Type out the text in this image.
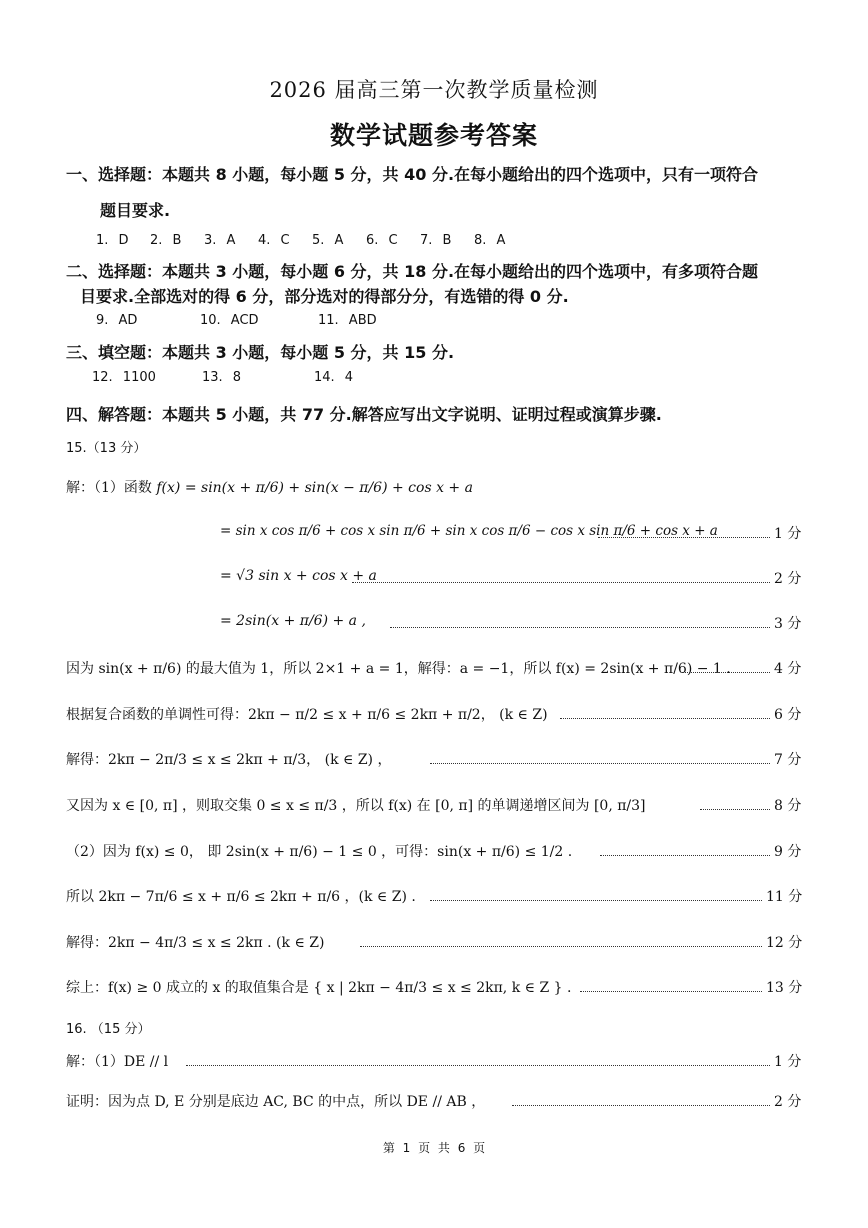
2026 届高三第一次教学质量检测
数学试题参考答案
一、选择题：本题共 8 小题，每小题 5 分，共 40 分.在每小题给出的四个选项中，只有一项符合
题目要求.
1. D 2. B 3. A 4. C 5. A 6. C 7. B 8. A
二、选择题：本题共 3 小题，每小题 6 分，共 18 分.在每小题给出的四个选项中，有多项符合题
目要求.全部选对的得 6 分，部分选对的得部分分，有选错的得 0 分.
9. AD	10. ACD	11. ABD
三、填空题：本题共 3 小题，每小题 5 分，共 15 分.
12. 1100	13. 8	14. 4
四、解答题：本题共 5 小题，共 77 分.解答应写出文字说明、证明过程或演算步骤.
15.（13 分）
解：（1）函数 f(x) = sin(x + π/6) + sin(x − π/6) + cos x + a
= sin x cos π/6 + cos x sin π/6 + sin x cos π/6 − cos x sin π/6 + cos x + a	1 分
= √3 sin x + cos x + a	2 分
= 2sin(x + π/6) + a ,	3 分
因为 sin(x + π/6) 的最大值为 1，所以 2×1 + a = 1，解得：a = −1，所以 f(x) = 2sin(x + π/6) − 1 .	4 分
根据复合函数的单调性可得：2kπ − π/2 ≤ x + π/6 ≤ 2kπ + π/2， (k ∈ Z)	6 分
解得：2kπ − 2π/3 ≤ x ≤ 2kπ + π/3， (k ∈ Z) ，	7 分
又因为 x ∈ [0, π] ，则取交集 0 ≤ x ≤ π/3 ，所以 f(x) 在 [0, π] 的单调递增区间为 [0, π/3]	8 分
（2）因为 f(x) ≤ 0， 即 2sin(x + π/6) − 1 ≤ 0 ，可得：sin(x + π/6) ≤ 1/2 .	9 分
所以 2kπ − 7π/6 ≤ x + π/6 ≤ 2kπ + π/6 ，(k ∈ Z) .	11 分
解得：2kπ − 4π/3 ≤ x ≤ 2kπ . (k ∈ Z)	12 分
综上：f(x) ≥ 0 成立的 x 的取值集合是 { x | 2kπ − 4π/3 ≤ x ≤ 2kπ, k ∈ Z } .	13 分
16. （15 分）
解：（1）DE // l	1 分
证明：因为点 D, E 分别是底边 AC, BC 的中点，所以 DE // AB ，	2 分
第 1 页 共 6 页
